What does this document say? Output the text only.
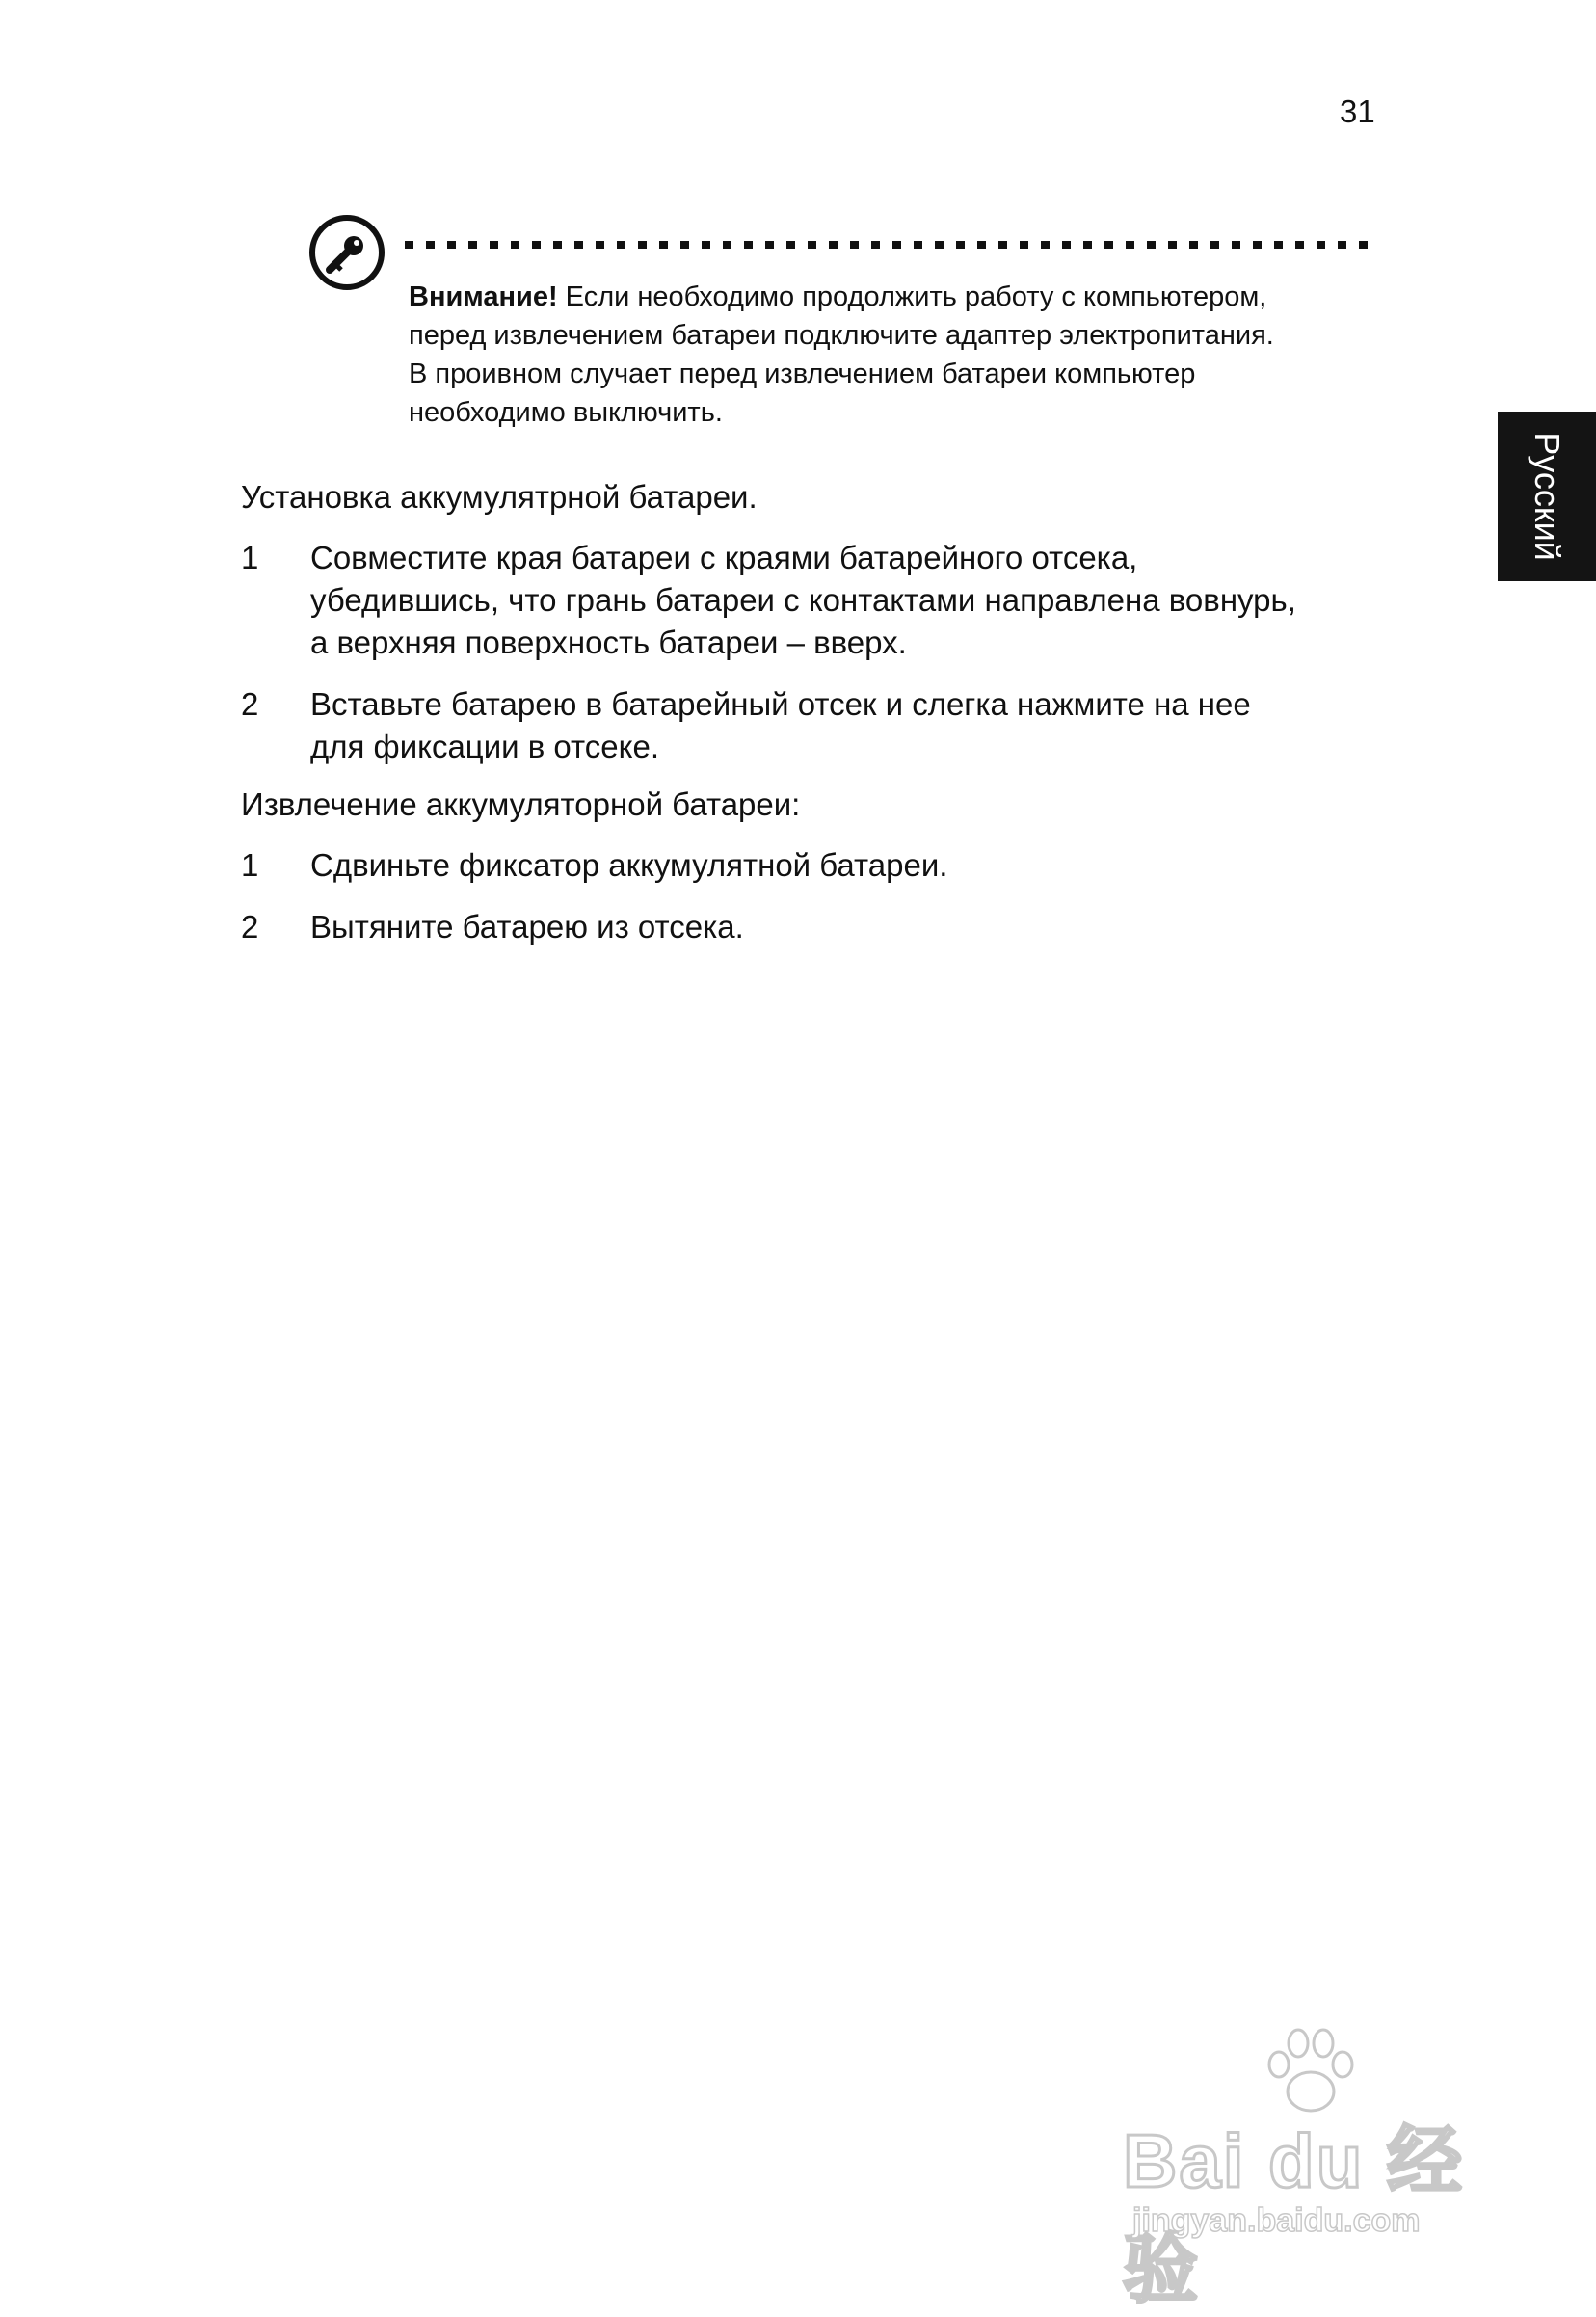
31
Внимание! Если необходимо продолжить работу с компьютером,
перед извлечением батареи подключите адаптер электропитания.
В проивном случает перед извлечением батареи компьютер
необходимо выключить.
Русский

Установка аккумулятрной батареи.

1	Совместите края батареи с краями батарейного отсека,
убедившись, что грань батареи с контактами направлена вовнурь,
а верхняя поверхность батареи – вверх.
2	Вставьте батарею в батарейный отсек и слегка нажмите на нее
для фиксации в отсеке.

Извлечение аккумуляторной батареи:

1	Сдвиньте фиксатор аккумулятной батареи.
2	Вытяните батарею из отсека.
Bai du 经验
jingyan.baidu.com
